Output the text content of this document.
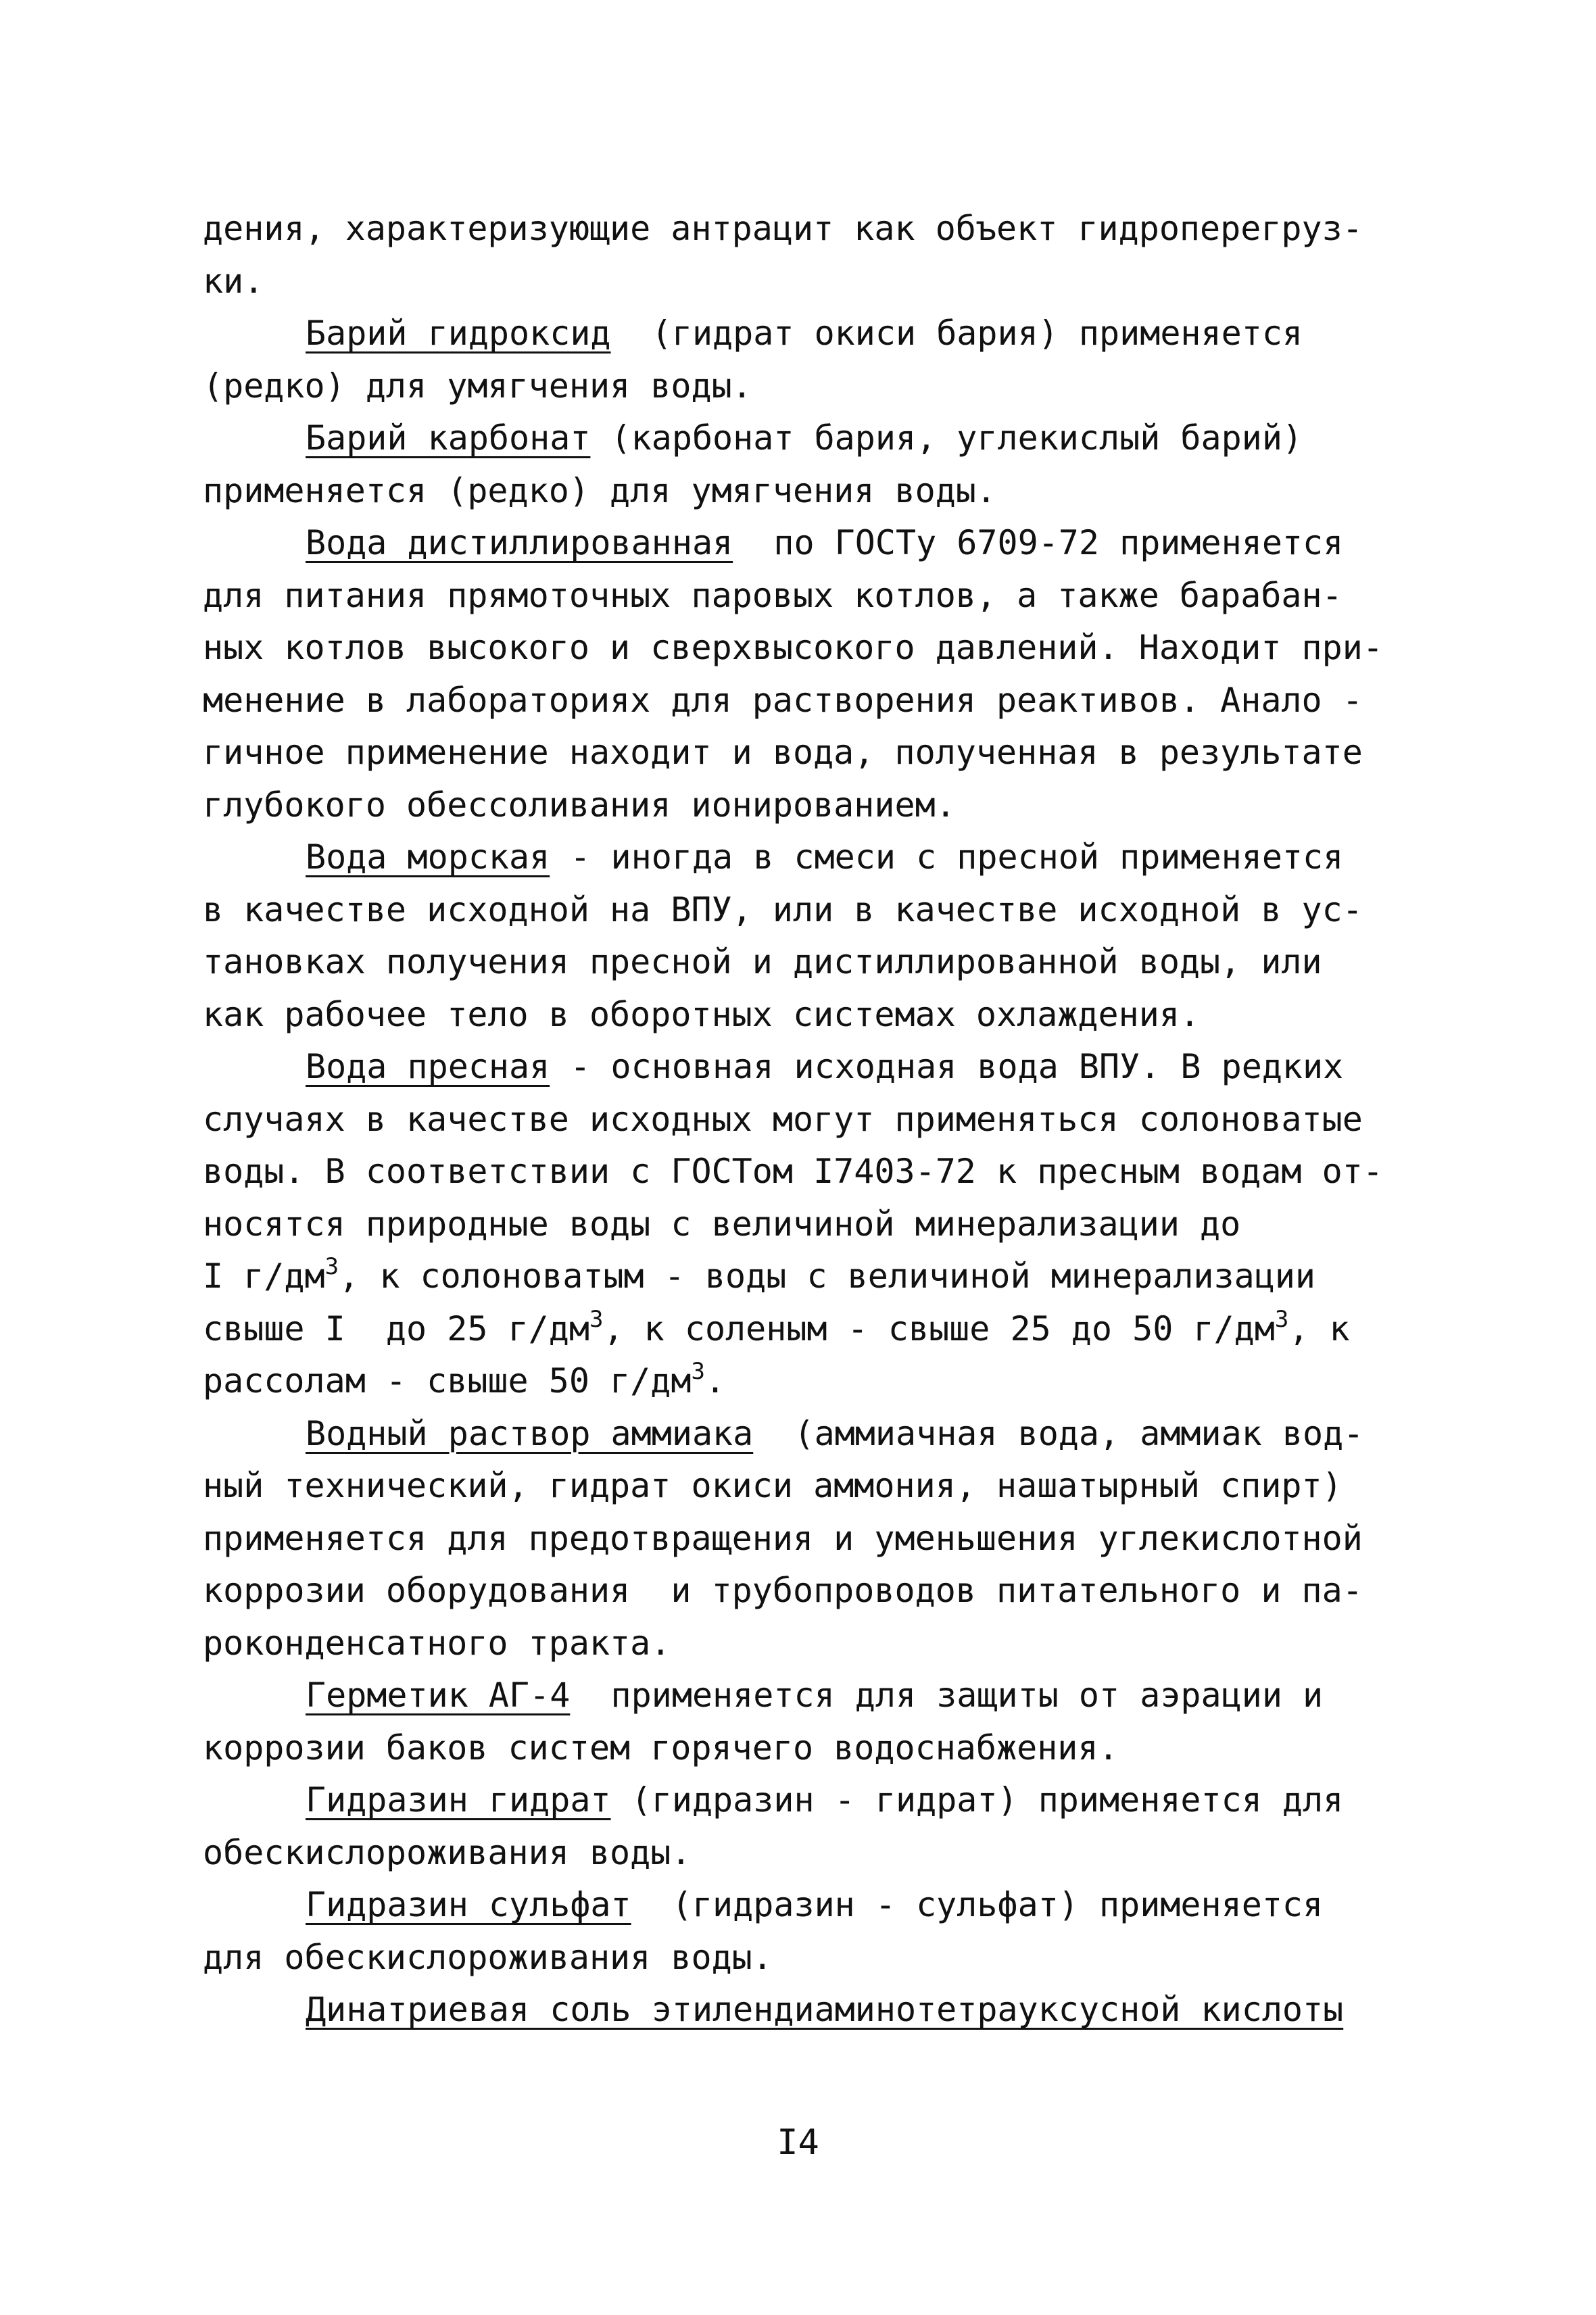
дения, характеризующие антрацит как объект гидроперегруз-
ки.
Барий гидроксид  (гидрат окиси бария) применяется
(редко) для умягчения воды.
Барий карбонат (карбонат бария, углекислый барий)
применяется (редко) для умягчения воды.
Вода дистиллированная  по ГОСТу 6709-72 применяется
для питания прямоточных паровых котлов, а также барабан-
ных котлов высокого и сверхвысокого давлений. Находит при-
менение в лабораториях для растворения реактивов. Анало -
гичное применение находит и вода, полученная в результате
глубокого обессоливания ионированием.
Вода морская - иногда в смеси с пресной применяется
в качестве исходной на ВПУ, или в качестве исходной в ус-
тановках получения пресной и дистиллированной воды, или
как рабочее тело в оборотных системах охлаждения.
Вода пресная - основная исходная вода ВПУ. В редких
случаях в качестве исходных могут применяться солоноватые
воды. В соответствии с ГОСТом I7403-72 к пресным водам от-
носятся природные воды с величиной минерализации до
I $г/дм^3$, к солоноватым - воды с величиной минерализации
свыше I  до 25 $г/дм^3$, к соленым - свыше 25 до 50 $г/дм^3$, к
рассолам - свыше 50 $г/дм^3$.
Водный раствор аммиака  (аммиачная вода, аммиак вод-
ный технический, гидрат окиси аммония, нашатырный спирт)
применяется для предотвращения и уменьшения углекислотной
коррозии оборудования  и трубопроводов питательного и па-
роконденсатного тракта.
Герметик АГ-4  применяется для защиты от аэрации и
коррозии баков систем горячего водоснабжения.
Гидразин гидрат (гидразин - гидрат) применяется для
обескислороживания воды.
Гидразин сульфат  (гидразин - сульфат) применяется
для обескислороживания воды.
Динатриевая соль этилендиаминотетрауксусной кислоты
I4
